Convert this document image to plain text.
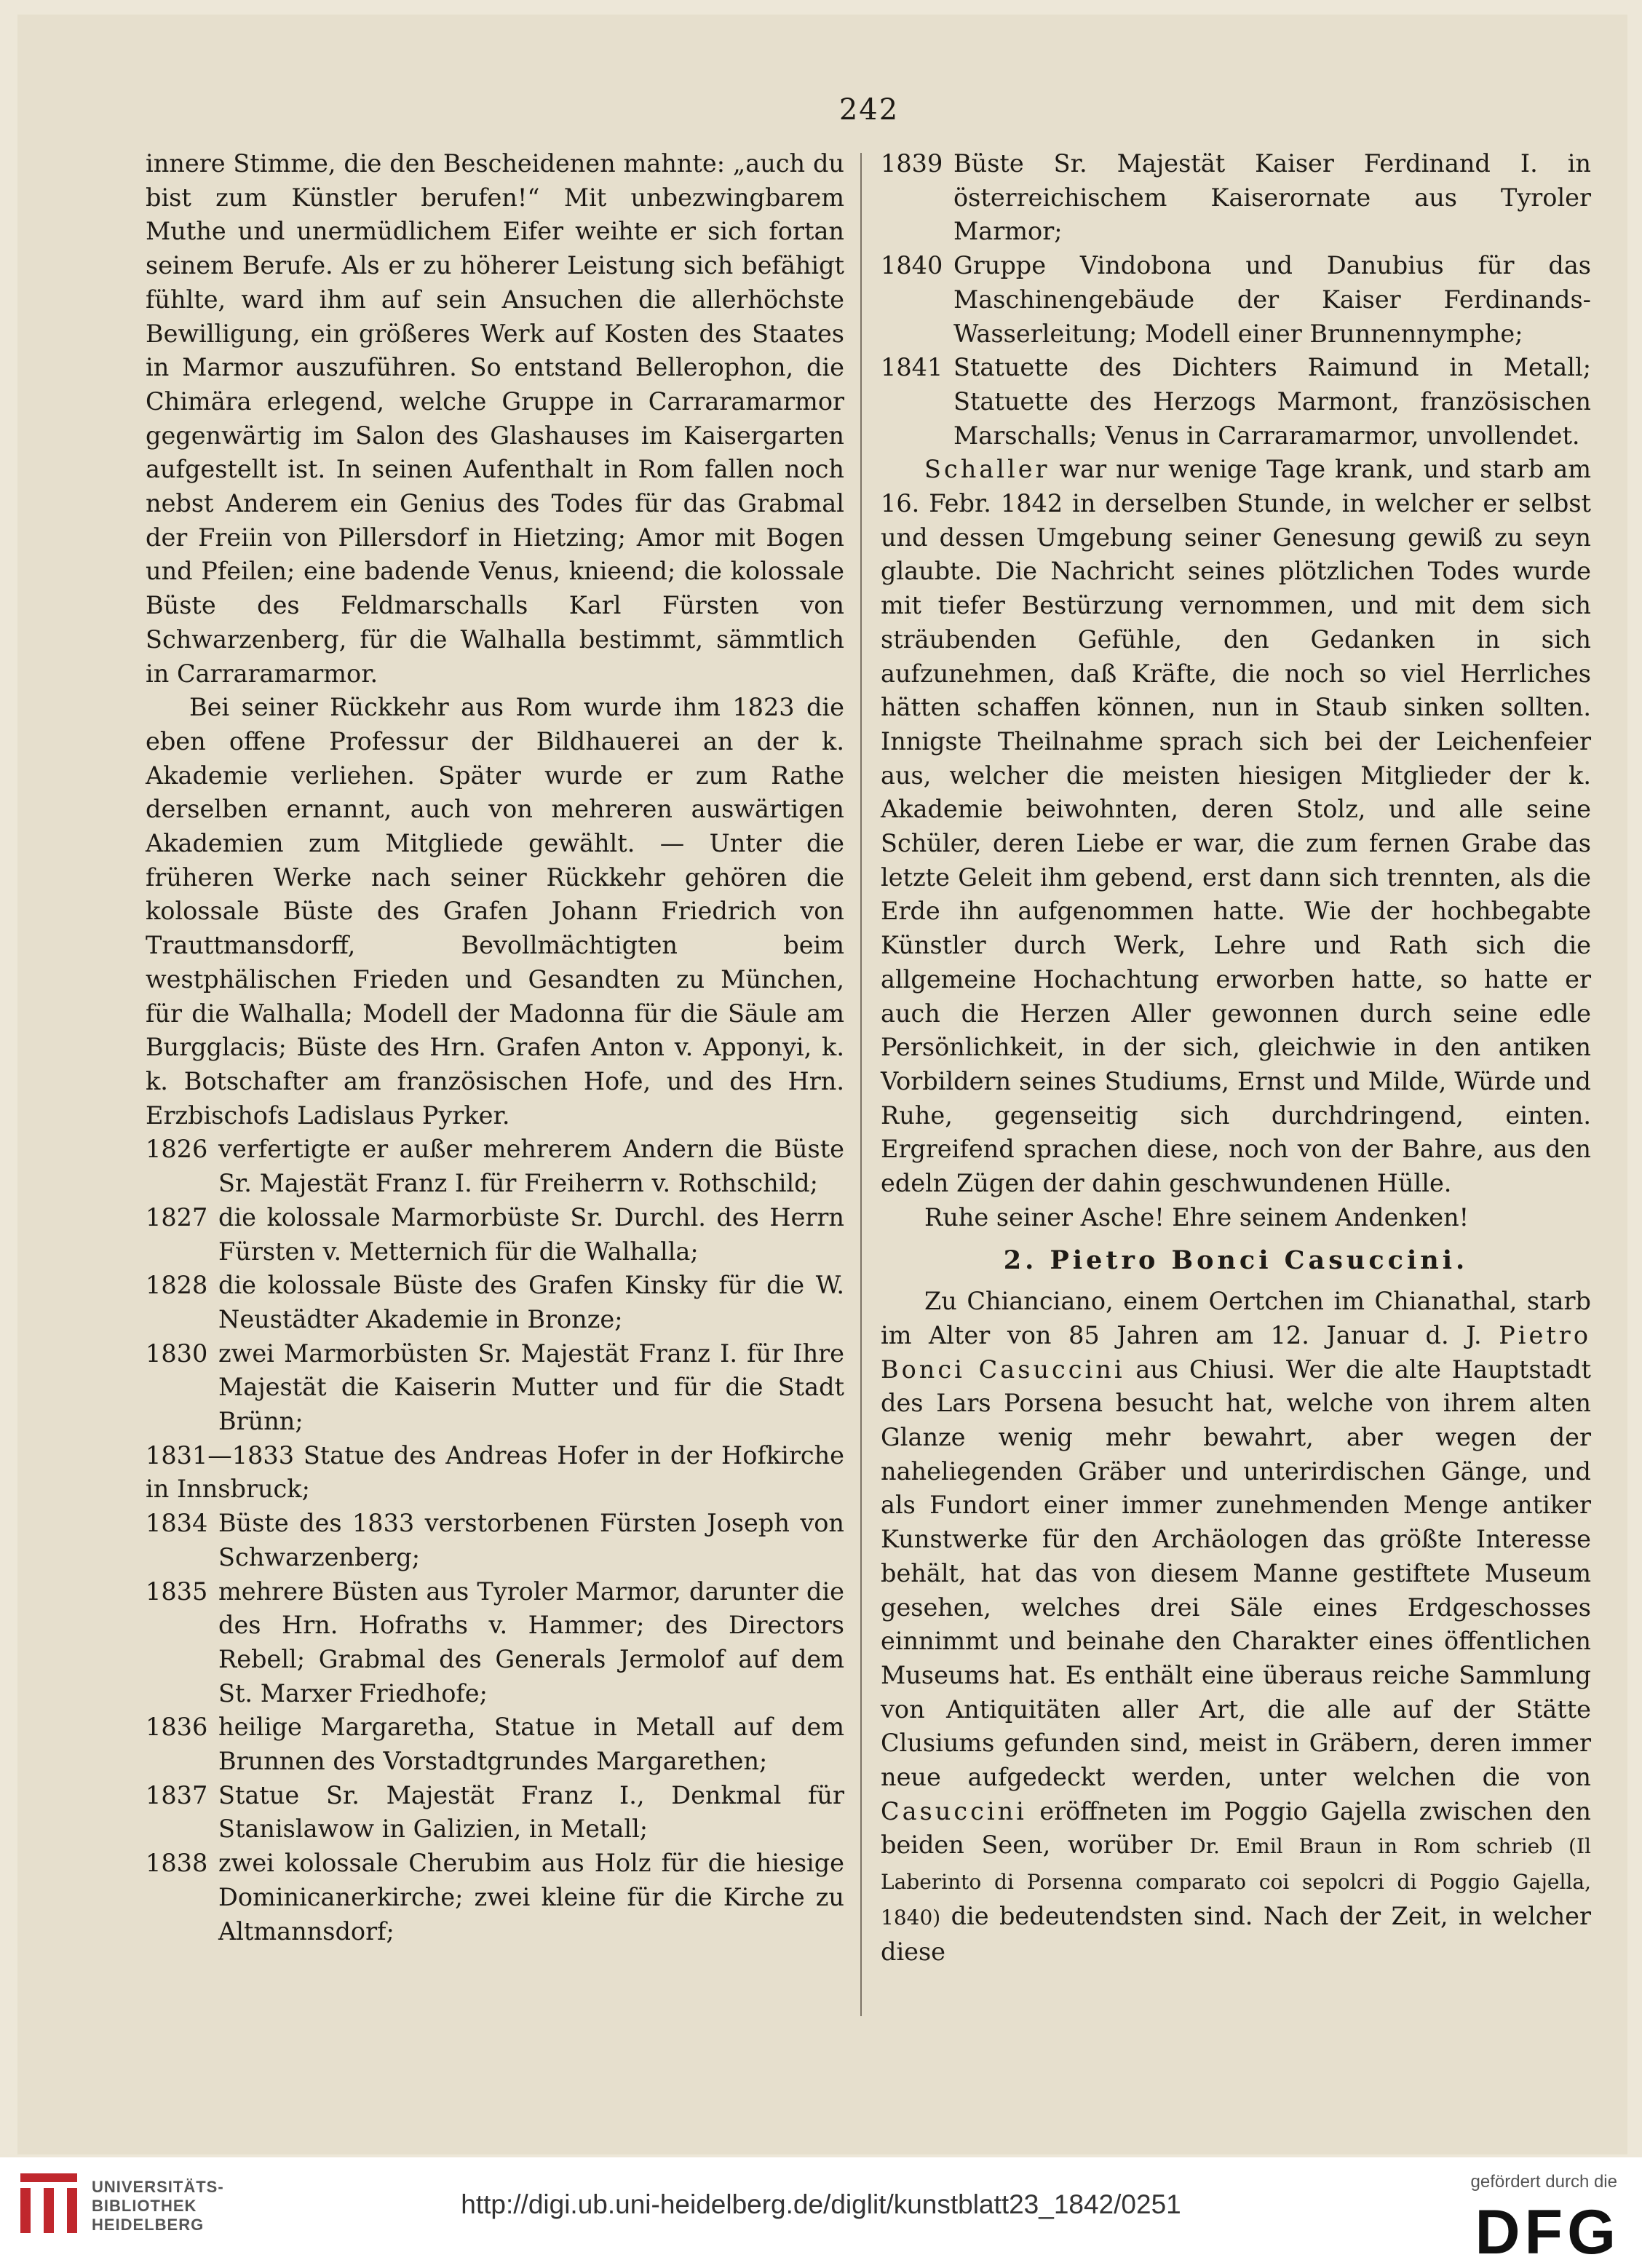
242

innere Stimme, die den Bescheidenen mahnte: „auch du bist zum Künstler berufen!“ Mit unbezwingbarem Muthe und unermüdlichem Eifer weihte er sich fortan seinem Berufe. Als er zu höherer Leistung sich befähigt fühlte, ward ihm auf sein Ansuchen die allerhöchste Bewilligung, ein größeres Werk auf Kosten des Staates in Marmor auszuführen. So entstand Bellerophon, die Chimära erlegend, welche Gruppe in Carraramarmor gegenwärtig im Salon des Glashauses im Kaisergarten aufgestellt ist. In seinen Aufenthalt in Rom fallen noch nebst Anderem ein Genius des Todes für das Grabmal der Freiin von Pillersdorf in Hietzing; Amor mit Bogen und Pfeilen; eine badende Venus, knieend; die kolossale Büste des Feldmarschalls Karl Fürsten von Schwarzenberg, für die Walhalla bestimmt, sämmtlich in Carraramarmor.

Bei seiner Rückkehr aus Rom wurde ihm 1823 die eben offene Professur der Bildhauerei an der k. Akademie verliehen. Später wurde er zum Rathe derselben ernannt, auch von mehreren auswärtigen Akademien zum Mitgliede gewählt. — Unter die früheren Werke nach seiner Rückkehr gehören die kolossale Büste des Grafen Johann Friedrich von Trauttmansdorff, Bevollmächtigten beim westphälischen Frieden und Gesandten zu München, für die Walhalla; Modell der Madonna für die Säule am Burgglacis; Büste des Hrn. Grafen Anton v. Apponyi, k. k. Botschafter am französischen Hofe, und des Hrn. Erzbischofs Ladislaus Pyrker.

1826 verfertigte er außer mehrerem Andern die Büste Sr. Majestät Franz I. für Freiherrn v. Rothschild;
1827 die kolossale Marmorbüste Sr. Durchl. des Herrn Fürsten v. Metternich für die Walhalla;
1828 die kolossale Büste des Grafen Kinsky für die W. Neustädter Akademie in Bronze;
1830 zwei Marmorbüsten Sr. Majestät Franz I. für Ihre Majestät die Kaiserin Mutter und für die Stadt Brünn;
1831—1833 Statue des Andreas Hofer in der Hofkirche in Innsbruck;
1834 Büste des 1833 verstorbenen Fürsten Joseph von Schwarzenberg;
1835 mehrere Büsten aus Tyroler Marmor, darunter die des Hrn. Hofraths v. Hammer; des Directors Rebell; Grabmal des Generals Jermolof auf dem St. Marxer Friedhofe;
1836 heilige Margaretha, Statue in Metall auf dem Brunnen des Vorstadtgrundes Margarethen;
1837 Statue Sr. Majestät Franz I., Denkmal für Stanislawow in Galizien, in Metall;
1838 zwei kolossale Cherubim aus Holz für die hiesige Dominicanerkirche; zwei kleine für die Kirche zu Altmannsdorf;
1839 Büste Sr. Majestät Kaiser Ferdinand I. in österreichischem Kaiserornate aus Tyroler Marmor;
1840 Gruppe Vindobona und Danubius für das Maschinengebäude der Kaiser Ferdinands-Wasserleitung; Modell einer Brunnennymphe;
1841 Statuette des Dichters Raimund in Metall; Statuette des Herzogs Marmont, französischen Marschalls; Venus in Carraramarmor, unvollendet.

Schaller war nur wenige Tage krank, und starb am 16. Febr. 1842 in derselben Stunde, in welcher er selbst und dessen Umgebung seiner Genesung gewiß zu seyn glaubte. Die Nachricht seines plötzlichen Todes wurde mit tiefer Bestürzung vernommen, und mit dem sich sträubenden Gefühle, den Gedanken in sich aufzunehmen, daß Kräfte, die noch so viel Herrliches hätten schaffen können, nun in Staub sinken sollten. Innigste Theilnahme sprach sich bei der Leichenfeier aus, welcher die meisten hiesigen Mitglieder der k. Akademie beiwohnten, deren Stolz, und alle seine Schüler, deren Liebe er war, die zum fernen Grabe das letzte Geleit ihm gebend, erst dann sich trennten, als die Erde ihn aufgenommen hatte. Wie der hochbegabte Künstler durch Werk, Lehre und Rath sich die allgemeine Hochachtung erworben hatte, so hatte er auch die Herzen Aller gewonnen durch seine edle Persönlichkeit, in der sich, gleichwie in den antiken Vorbildern seines Studiums, Ernst und Milde, Würde und Ruhe, gegenseitig sich durchdringend, einten. Ergreifend sprachen diese, noch von der Bahre, aus den edeln Zügen der dahin geschwundenen Hülle.

Ruhe seiner Asche! Ehre seinem Andenken!

2. Pietro Bonci Casuccini.

Zu Chianciano, einem Oertchen im Chianathal, starb im Alter von 85 Jahren am 12. Januar d. J. Pietro Bonci Casuccini aus Chiusi. Wer die alte Hauptstadt des Lars Porsena besucht hat, welche von ihrem alten Glanze wenig mehr bewahrt, aber wegen der naheliegenden Gräber und unterirdischen Gänge, und als Fundort einer immer zunehmenden Menge antiker Kunstwerke für den Archäologen das größte Interesse behält, hat das von diesem Manne gestiftete Museum gesehen, welches drei Säle eines Erdgeschosses einnimmt und beinahe den Charakter eines öffentlichen Museums hat. Es enthält eine überaus reiche Sammlung von Antiquitäten aller Art, die alle auf der Stätte Clusiums gefunden sind, meist in Gräbern, deren immer neue aufgedeckt werden, unter welchen die von Casuccini eröffneten im Poggio Gajella zwischen den beiden Seen, worüber Dr. Emil Braun in Rom schrieb (Il Laberinto di Porsenna comparato coi sepolcri di Poggio Gajella, 1840) die bedeutendsten sind. Nach der Zeit, in welcher diese

UNIVERSITÄTS-
BIBLIOTHEK
HEIDELBERG
http://digi.ub.uni-heidelberg.de/diglit/kunstblatt23_1842/0251
gefördert durch die
DFG
